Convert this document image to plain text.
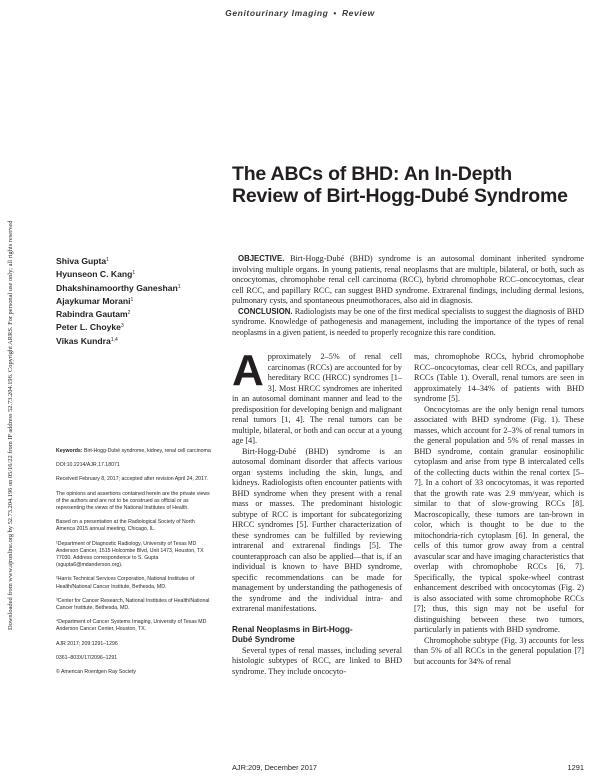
Downloaded from www.ajronline.org by 52.73.204.196 on 05/16/22 from IP address 52.73.204.196. Copyright ARRS. For personal use only; all rights reserved
Genitourinary Imaging • Review
The ABCs of BHD: An In-Depth
Review of Birt-Hogg-Dubé Syndrome
Shiva Gupta$^1$
Hyunseon C. Kang$^1$
Dhakshinamoorthy Ganeshan$^1$
Ajaykumar Morani$^1$
Rabindra Gautam$^2$
Peter L. Choyke$^3$
Vikas Kundra$^{1,4}$

OBJECTIVE. Birt-Hogg-Dubé (BHD) syndrome is an autosomal dominant inherited syndrome involving multiple organs. In young patients, renal neoplasms that are multiple, bilateral, or both, such as oncocytomas, chromophobe renal cell carcinoma (RCC), hybrid chromophobe RCC–oncocytomas, clear cell RCC, and papillary RCC, can suggest BHD syndrome. Extrarenal findings, including dermal lesions, pulmonary cysts, and spontaneous pneumothoraces, also aid in diagnosis.

CONCLUSION. Radiologists may be one of the first medical specialists to suggest the diagnosis of BHD syndrome. Knowledge of pathogenesis and management, including the importance of the types of renal neoplasms in a given patient, is needed to properly recognize this rare condition.

Keywords: Birt-Hogg-Dubé syndrome, kidney, renal cell carcinoma

DOI:10.2214/AJR.17.18071

Received February 8, 2017; accepted after revision April 24, 2017.

The opinions and assertions contained herein are the private views of the authors and are not to be construed as official or as representing the views of the National Institutes of Health.

Based on a presentation at the Radiological Society of North America 2015 annual meeting, Chicago, IL.

¹Department of Diagnostic Radiology, University of Texas MD Anderson Cancer, 1515 Holcombe Blvd, Unit 1473, Houston, TX 77030. Address correspondence to S. Gupta (sgupta6@mdanderson.org).

²Harris Technical Services Corporation, National Institutes of Health/National Cancer Institute, Bethesda, MD.

³Center for Cancer Research, National Institutes of Health/National Cancer Institute, Bethesda, MD.

⁴Department of Cancer Systems Imaging, University of Texas MD Anderson Cancer Center, Houston, TX.

AJR 2017; 209:1291–1296

0361–803X/17/2096–1291

© American Roentgen Ray Society

Approximately 2–5% of renal cell carcinomas (RCCs) are accounted for by hereditary RCC (HRCC) syndromes [1–3]. Most HRCC syndromes are inherited in an autosomal dominant manner and lead to the predisposition for developing benign and malignant renal tumors [1, 4]. The renal tumors can be multiple, bilateral, or both and can occur at a young age [4].

Birt-Hogg-Dubé (BHD) syndrome is an autosomal dominant disorder that affects various organ systems including the skin, lungs, and kidneys. Radiologists often encounter patients with BHD syndrome when they present with a renal mass or masses. The predominant histologic subtype of RCC is important for subcategorizing HRCC syndromes [5]. Further characterization of these syndromes can be fulfilled by reviewing intrarenal and extrarenal findings [5]. The counterapproach can also be applied—that is, if an individual is known to have BHD syndrome, specific recommendations can be made for management by understanding the pathogenesis of the syndrome and the individual intra- and extrarenal manifestations.

Renal Neoplasms in Birt-Hogg-
Dubé Syndrome

Several types of renal masses, including several histologic subtypes of RCC, are linked to BHD syndrome. They include oncocyto-

mas, chromophobe RCCs, hybrid chromophobe RCC–oncocytomas, clear cell RCCs, and papillary RCCs (Table 1). Overall, renal tumors are seen in approximately 14–34% of patients with BHD syndrome [5].

Oncocytomas are the only benign renal tumors associated with BHD syndrome (Fig. 1). These masses, which account for 2–3% of renal tumors in the general population and 5% of renal masses in BHD syndrome, contain granular eosinophilic cytoplasm and arise from type B intercalated cells of the collecting ducts within the renal cortex [5–7]. In a cohort of 33 oncocytomas, it was reported that the growth rate was 2.9 mm/year, which is similar to that of slow-growing RCCs [8]. Macroscopically, these tumors are tan-brown in color, which is thought to be due to the mitochondria-rich cytoplasm [6]. In general, the cells of this tumor grow away from a central avascular scar and have imaging characteristics that overlap with chromophobe RCCs [6, 7]. Specifically, the typical spoke-wheel contrast enhancement described with oncocytomas (Fig. 2) is also associated with some chromophobe RCCs [7]; thus, this sign may not be useful for distinguishing between these two tumors, particularly in patients with BHD syndrome.

Chromophobe subtype (Fig. 3) accounts for less than 5% of all RCCs in the general population [7] but accounts for 34% of renal

AJR:209, December 2017	1291
